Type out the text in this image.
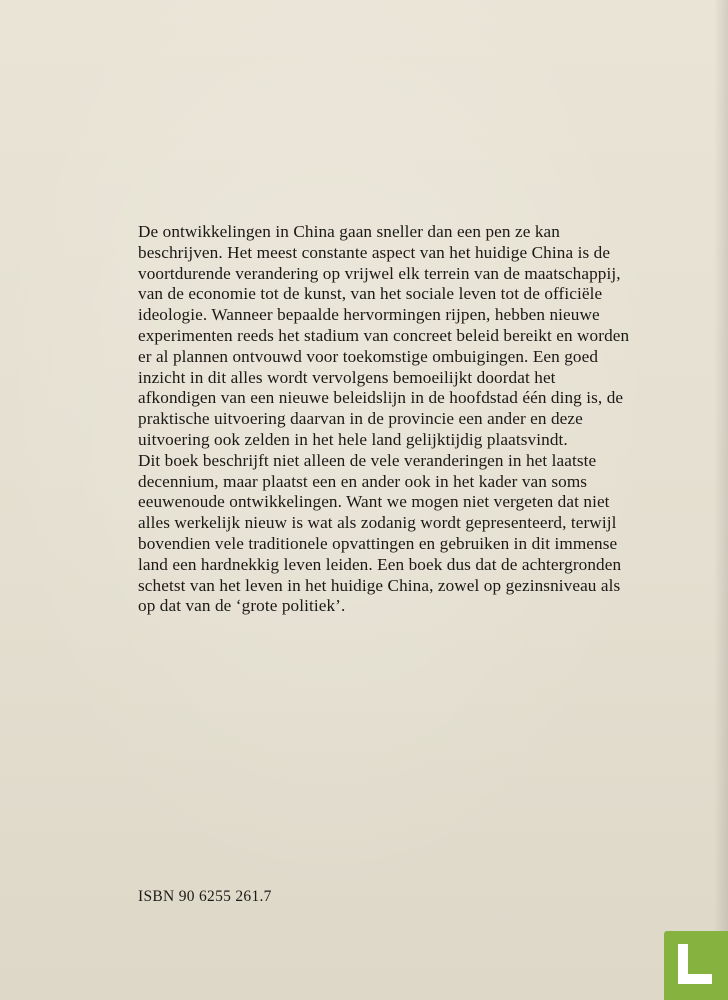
De ontwikkelingen in China gaan sneller dan een pen ze kan

beschrijven. Het meest constante aspect van het huidige China is de

voortdurende verandering op vrijwel elk terrein van de maatschappij,

van de economie tot de kunst, van het sociale leven tot de officiële

ideologie. Wanneer bepaalde hervormingen rijpen, hebben nieuwe

experimenten reeds het stadium van concreet beleid bereikt en worden

er al plannen ontvouwd voor toekomstige ombuigingen. Een goed

inzicht in dit alles wordt vervolgens bemoeilijkt doordat het

afkondigen van een nieuwe beleidslijn in de hoofdstad één ding is, de

praktische uitvoering daarvan in de provincie een ander en deze

uitvoering ook zelden in het hele land gelijktijdig plaatsvindt.

Dit boek beschrijft niet alleen de vele veranderingen in het laatste

decennium, maar plaatst een en ander ook in het kader van soms

eeuwenoude ontwikkelingen. Want we mogen niet vergeten dat niet

alles werkelijk nieuw is wat als zodanig wordt gepresenteerd, terwijl

bovendien vele traditionele opvattingen en gebruiken in dit immense

land een hardnekkig leven leiden. Een boek dus dat de achtergronden

schetst van het leven in het huidige China, zowel op gezinsniveau als

op dat van de ‘grote politiek’.

ISBN 90 6255 261.7
